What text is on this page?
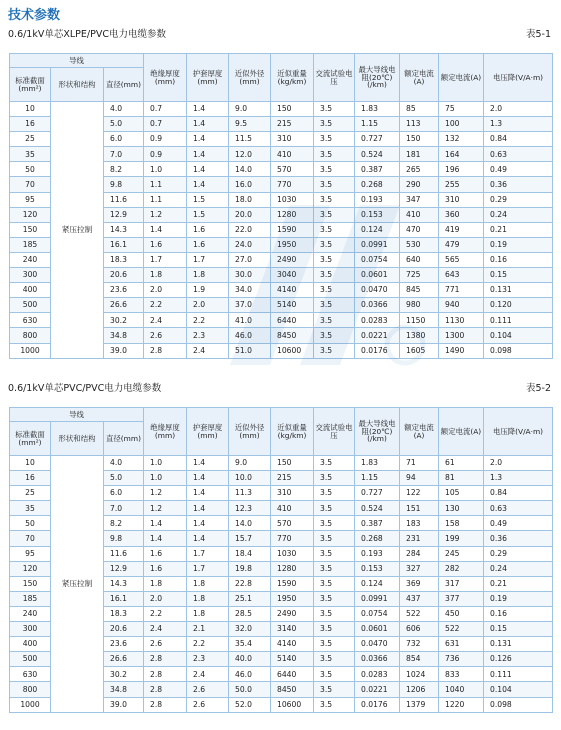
技术参数
0.6/1kV单芯XLPE/PVC电力电缆参数	表5-1
导线			绝缘厚度(mm)	护套厚度(mm)	近似外径(mm)	近似重量(kg/km)	交流试验电压	最大导线电阻(20℃)(/km)	额定电流(A)	额定电流(A)	电压降(V/A·m)
标准截面(mm²)	形状和结构	直径(mm)									
10	紧压拉制	4.0	0.7	1.4	9.0	150	3.5	1.83	85	75	2.0
16		5.0	0.7	1.4	9.5	215	3.5	1.15	113	100	1.3
25		6.0	0.9	1.4	11.5	310	3.5	0.727	150	132	0.84
35		7.0	0.9	1.4	12.0	410	3.5	0.524	181	164	0.63
50		8.2	1.0	1.4	14.0	570	3.5	0.387	265	196	0.49
70		9.8	1.1	1.4	16.0	770	3.5	0.268	290	255	0.36
95		11.6	1.1	1.5	18.0	1030	3.5	0.193	347	310	0.29
120		12.9	1.2	1.5	20.0	1280	3.5	0.153	410	360	0.24
150		14.3	1.4	1.6	22.0	1590	3.5	0.124	470	419	0.21
185		16.1	1.6	1.6	24.0	1950	3.5	0.0991	530	479	0.19
240		18.3	1.7	1.7	27.0	2490	3.5	0.0754	640	565	0.16
300		20.6	1.8	1.8	30.0	3040	3.5	0.0601	725	643	0.15
400		23.6	2.0	1.9	34.0	4140	3.5	0.0470	845	771	0.131
500		26.6	2.2	2.0	37.0	5140	3.5	0.0366	980	940	0.120
630		30.2	2.4	2.2	41.0	6440	3.5	0.0283	1150	1130	0.111
800		34.8	2.6	2.3	46.0	8450	3.5	0.0221	1380	1300	0.104
1000		39.0	2.8	2.4	51.0	10600	3.5	0.0176	1605	1490	0.098
0.6/1kV单芯PVC/PVC电力电缆参数	表5-2
导线			绝缘厚度(mm)	护套厚度(mm)	近似外径(mm)	近似重量(kg/km)	交流试验电压	最大导线电阻(20℃)(/km)	额定电流(A)	额定电流(A)	电压降(V/A·m)
标准截面(mm²)	形状和结构	直径(mm)									
10	紧压拉制	4.0	1.0	1.4	9.0	150	3.5	1.83	71	61	2.0
16		5.0	1.0	1.4	10.0	215	3.5	1.15	94	81	1.3
25		6.0	1.2	1.4	11.3	310	3.5	0.727	122	105	0.84
35		7.0	1.2	1.4	12.3	410	3.5	0.524	151	130	0.63
50		8.2	1.4	1.4	14.0	570	3.5	0.387	183	158	0.49
70		9.8	1.4	1.4	15.7	770	3.5	0.268	231	199	0.36
95		11.6	1.6	1.7	18.4	1030	3.5	0.193	284	245	0.29
120		12.9	1.6	1.7	19.8	1280	3.5	0.153	327	282	0.24
150		14.3	1.8	1.8	22.8	1590	3.5	0.124	369	317	0.21
185		16.1	2.0	1.8	25.1	1950	3.5	0.0991	437	377	0.19
240		18.3	2.2	1.8	28.5	2490	3.5	0.0754	522	450	0.16
300		20.6	2.4	2.1	32.0	3140	3.5	0.0601	606	522	0.15
400		23.6	2.6	2.2	35.4	4140	3.5	0.0470	732	631	0.131
500		26.6	2.8	2.3	40.0	5140	3.5	0.0366	854	736	0.126
630		30.2	2.8	2.4	46.0	6440	3.5	0.0283	1024	833	0.111
800		34.8	2.8	2.6	50.0	8450	3.5	0.0221	1206	1040	0.104
1000		39.0	2.8	2.6	52.0	10600	3.5	0.0176	1379	1220	0.098
